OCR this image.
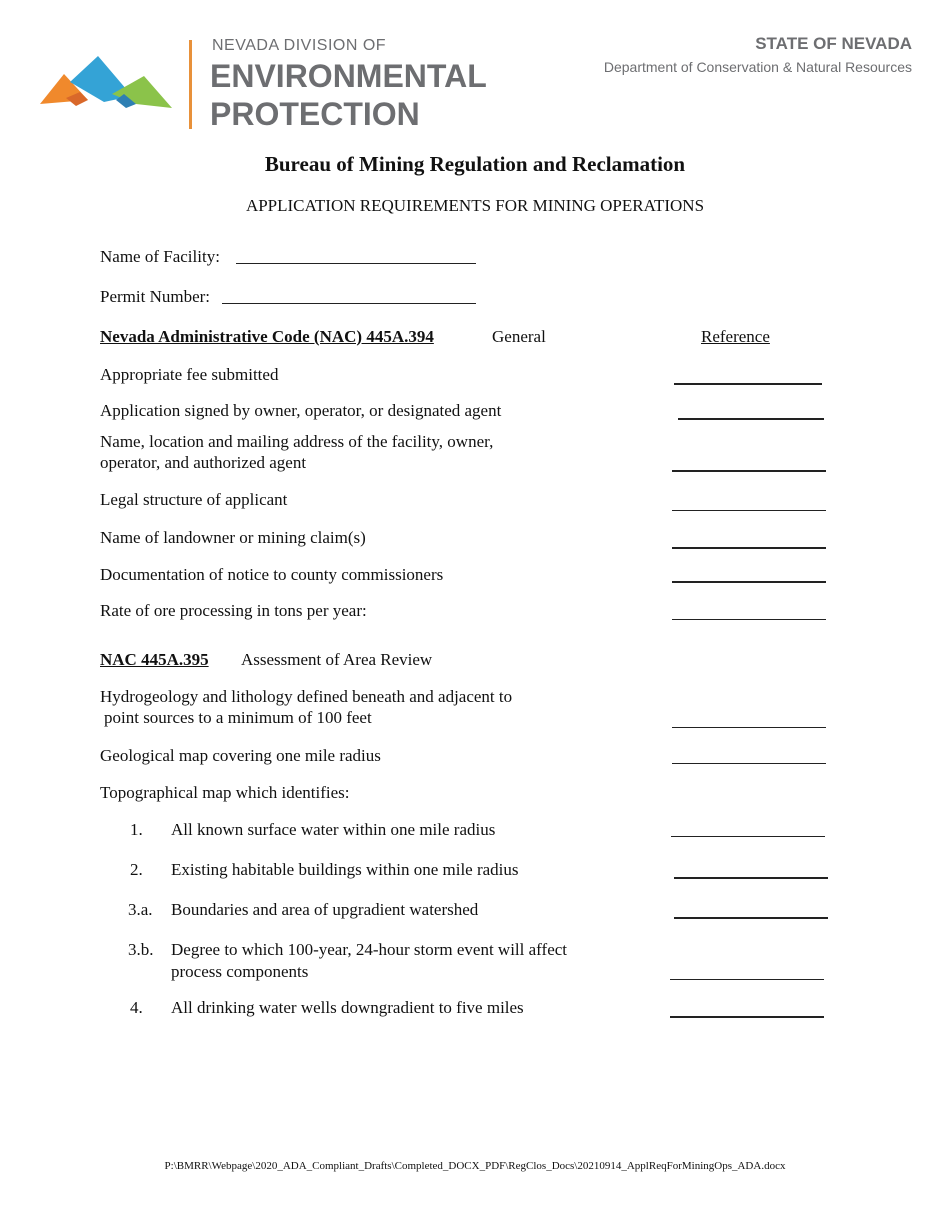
NEVADA DIVISION OF
ENVIRONMENTAL
PROTECTION
STATE OF NEVADA
Department of Conservation & Natural Resources
Bureau of Mining Regulation and Reclamation
APPLICATION REQUIREMENTS FOR MINING OPERATIONS
Name of Facility:
Permit Number:
Nevada Administrative Code (NAC) 445A.394	General	Reference
Appropriate fee submitted
Application signed by owner, operator, or designated agent
Name, location and mailing address of the facility, owner,
operator, and authorized agent
Legal structure of applicant
Name of landowner or mining claim(s)
Documentation of notice to county commissioners
Rate of ore processing in tons per year:
NAC 445A.395 Assessment of Area Review
Hydrogeology and lithology defined beneath and adjacent to
point sources to a minimum of 100 feet
Geological map covering one mile radius
Topographical map which identifies:
1. All known surface water within one mile radius
2. Existing habitable buildings within one mile radius
3.a. Boundaries and area of upgradient watershed
3.b. Degree to which 100-year, 24-hour storm event will affect
process components
4. All drinking water wells downgradient to five miles
P:\BMRR\Webpage\2020_ADA_Compliant_Drafts\Completed_DOCX_PDF\RegClos_Docs\20210914_ApplReqForMiningOps_ADA.docx
